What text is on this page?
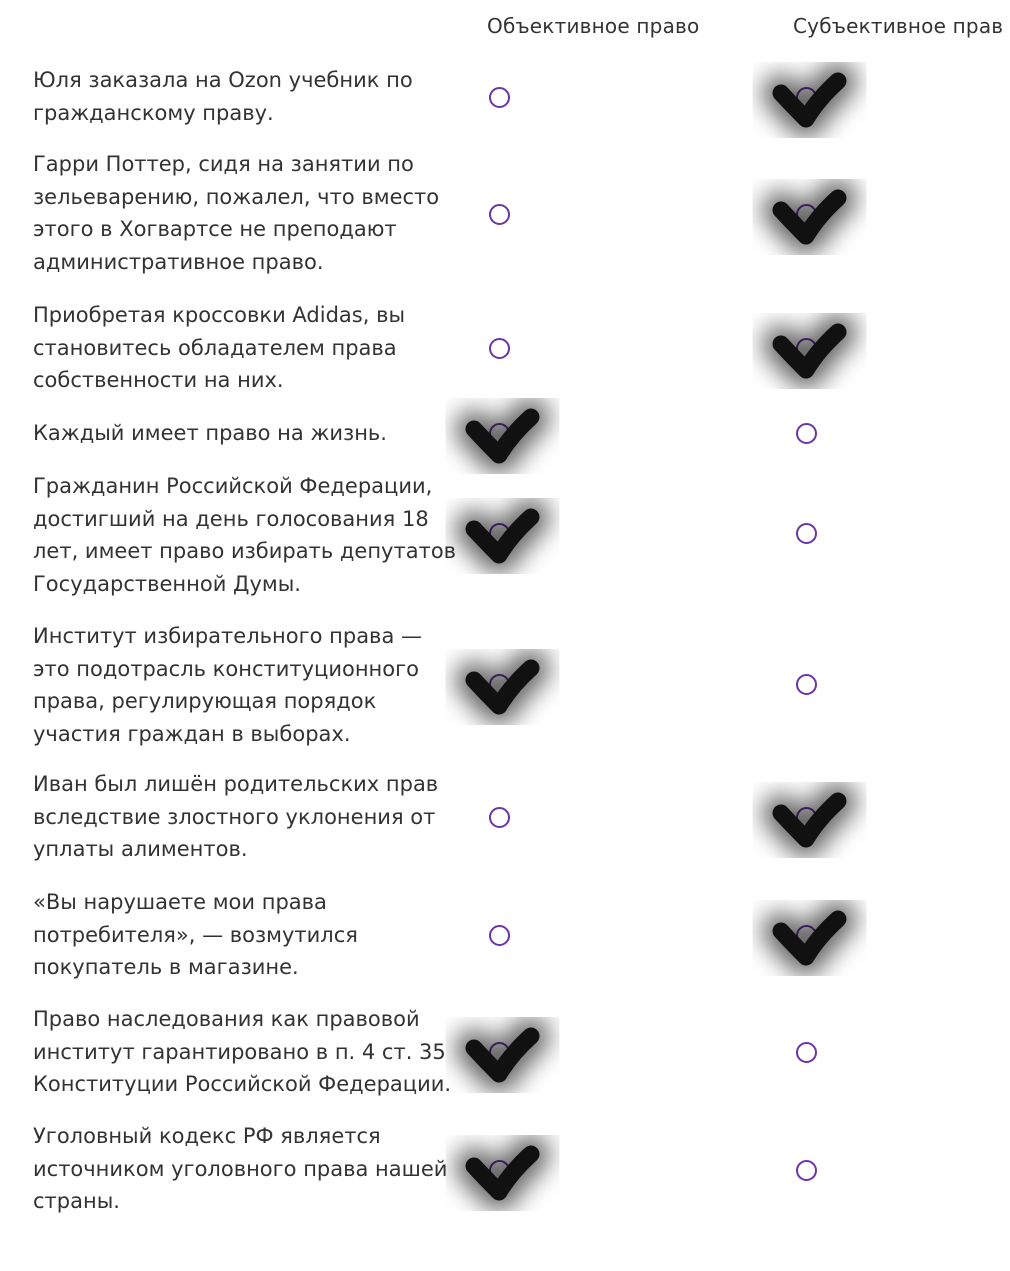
Объективное право	Субъективное прав
Юля заказала на Ozon учебник по
гражданскому праву.
Гарри Поттер, сидя на занятии по
зельеварению, пожалел, что вместо
этого в Хогвартсе не преподают
административное право.
Приобретая кроссовки Adidas, вы
становитесь обладателем права
собственности на них.
Каждый имеет право на жизнь.
Гражданин Российской Федерации,
достигший на день голосования 18
лет, имеет право избирать депутатов
Государственной Думы.
Институт избирательного права —
это подотрасль конституционного
права, регулирующая порядок
участия граждан в выборах.
Иван был лишён родительских прав
вследствие злостного уклонения от
уплаты алиментов.
«Вы нарушаете мои права
потребителя», — возмутился
покупатель в магазине.
Право наследования как правовой
институт гарантировано в п. 4 ст. 35
Конституции Российской Федерации.
Уголовный кодекс РФ является
источником уголовного права нашей
страны.
